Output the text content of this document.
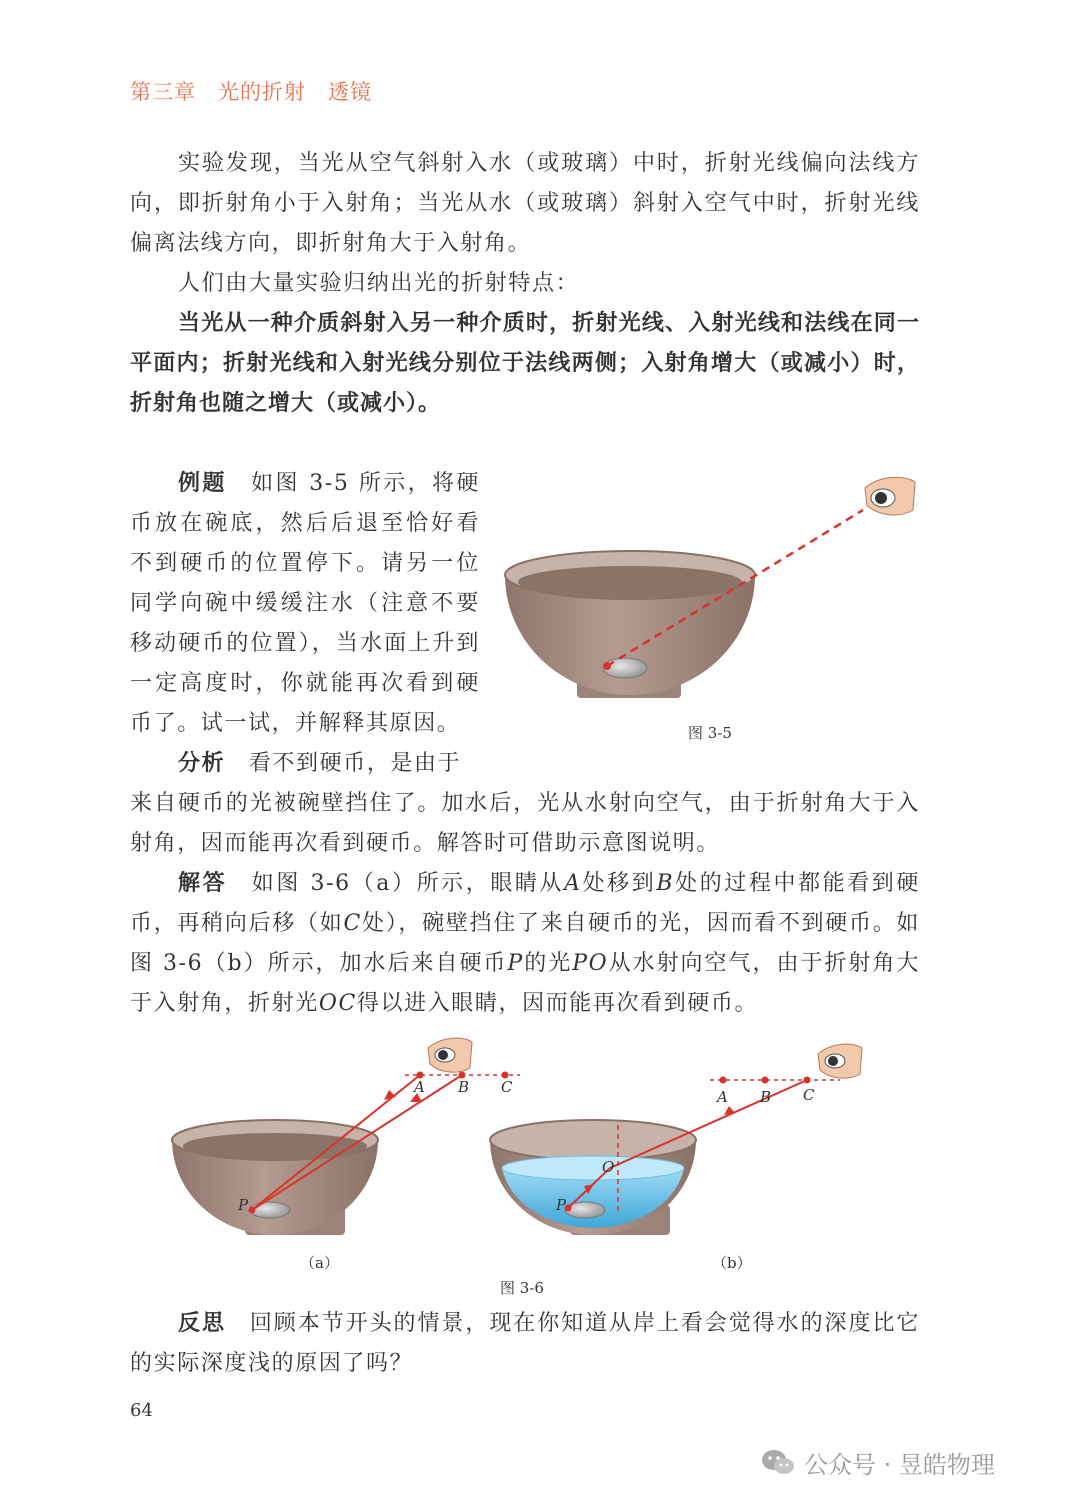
第三章　光的折射　透镜
实验发现，当光从空气斜射入水（或玻璃）中时，折射光线偏向法线方向，即折射角小于入射角；当光从水（或玻璃）斜射入空气中时，折射光线偏离法线方向，即折射角大于入射角。
人们由大量实验归纳出光的折射特点：
当光从一种介质斜射入另一种介质时，折射光线、入射光线和法线在同一平面内；折射光线和入射光线分别位于法线两侧；入射角增大（或减小）时，折射角也随之增大（或减小）。
例题　 如图 3-5 所示，将硬币放在碗底，然后后退至恰好看不到硬币的位置停下。请另一位同学向碗中缓缓注水（注意不要移动硬币的位置），当水面上升到一定高度时，你就能再次看到硬币了。试一试，并解释其原因。
分析　 看不到硬币，是由于
来自硬币的光被碗壁挡住了。加水后，光从水射向空气，由于折射角大于入射角，因而能再次看到硬币。解答时可借助示意图说明。
解答　 如图 3-6（a）所示，眼睛从A处移到B处的过程中都能看到硬币，再稍向后移（如C处），碗壁挡住了来自硬币的光，因而看不到硬币。如图 3-6（b）所示，加水后来自硬币P的光PO从水射向空气，由于折射角大于入射角，折射光OC得以进入眼睛，因而能再次看到硬币。
图 3-5
A B C
P
（a）
A B C
O
P
（b）
图 3-6
反思　 回顾本节开头的情景，现在你知道从岸上看会觉得水的深度比它的实际深度浅的原因了吗？
64
公众号 · 昱皓物理
